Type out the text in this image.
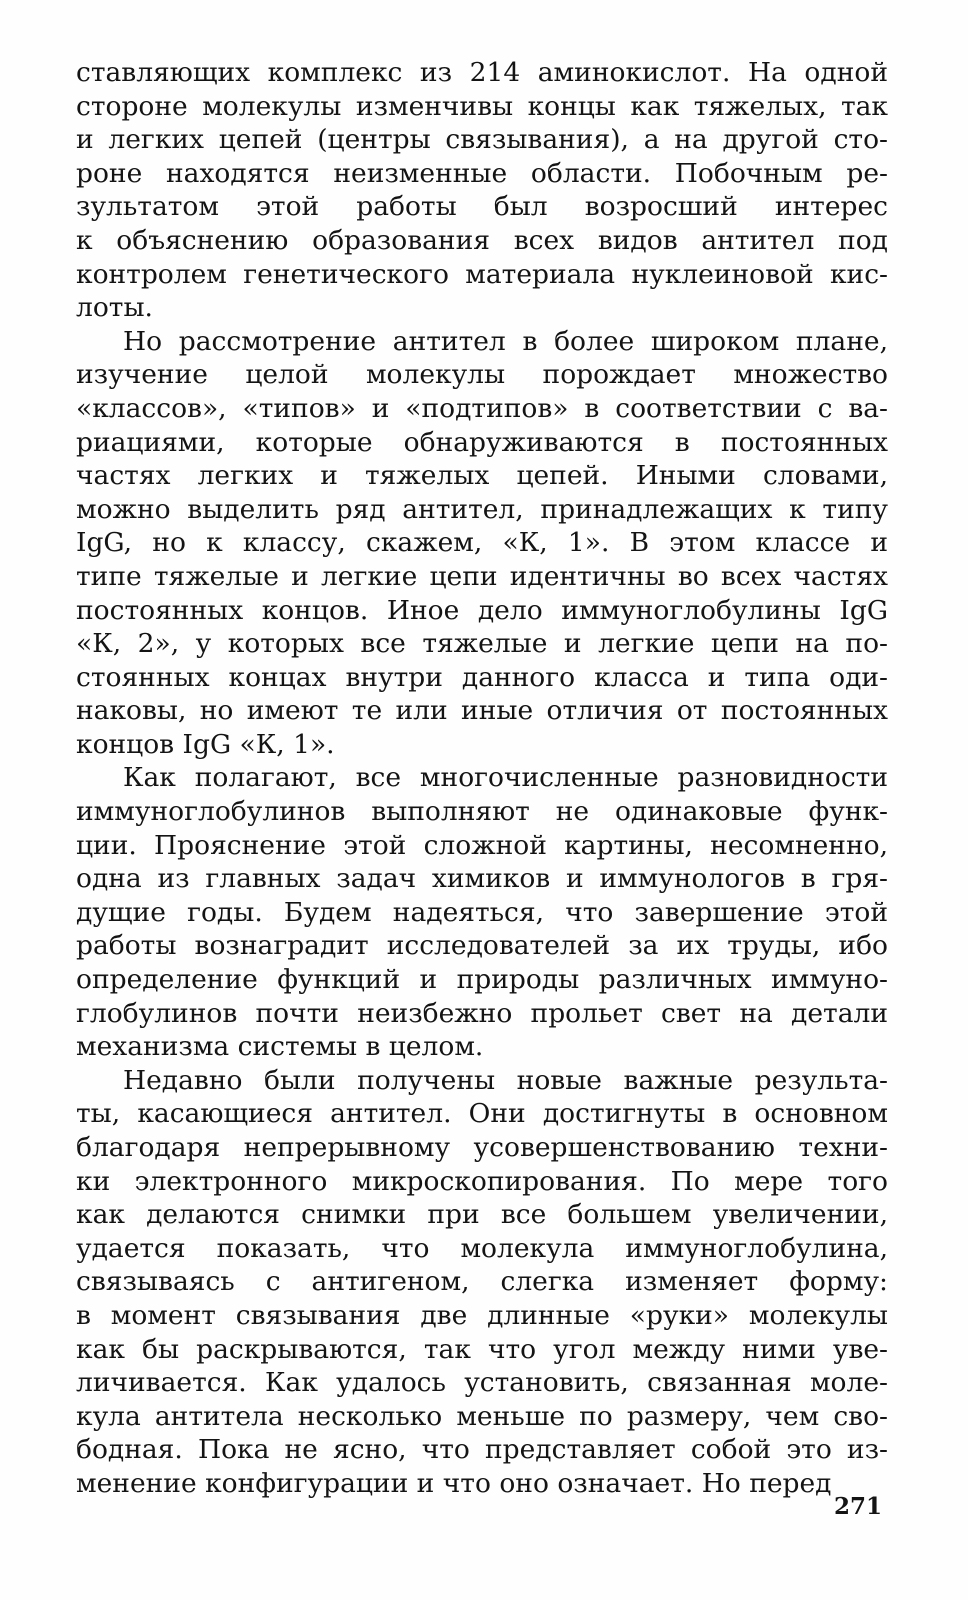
ставляющих комплекс из 214 аминокислот. На одной
стороне молекулы изменчивы концы как тяжелых, так
и легких цепей (центры связывания), а на другой сто-
роне находятся неизменные области. Побочным ре-
зультатом этой работы был возросший интерес
к объяснению образования всех видов антител под
контролем генетического материала нуклеиновой кис-
лоты.
Но рассмотрение антител в более широком плане,
изучение целой молекулы порождает множество
«классов», «типов» и «подтипов» в соответствии с ва-
риациями, которые обнаруживаются в постоянных
частях легких и тяжелых цепей. Иными словами,
можно выделить ряд антител, принадлежащих к типу
IgG, но к классу, скажем, «К, 1». В этом классе и
типе тяжелые и легкие цепи идентичны во всех частях
постоянных концов. Иное дело иммуноглобулины IgG
«К, 2», у которых все тяжелые и легкие цепи на по-
стоянных концах внутри данного класса и типа оди-
наковы, но имеют те или иные отличия от постоянных
концов IgG «К, 1».
Как полагают, все многочисленные разновидности
иммуноглобулинов выполняют не одинаковые функ-
ции. Прояснение этой сложной картины, несомненно,
одна из главных задач химиков и иммунологов в гря-
дущие годы. Будем надеяться, что завершение этой
работы вознаградит исследователей за их труды, ибо
определение функций и природы различных иммуно-
глобулинов почти неизбежно прольет свет на детали
механизма системы в целом.
Недавно были получены новые важные результа-
ты, касающиеся антител. Они достигнуты в основном
благодаря непрерывному усовершенствованию техни-
ки электронного микроскопирования. По мере того
как делаются снимки при все большем увеличении,
удается показать, что молекула иммуноглобулина,
связываясь с антигеном, слегка изменяет форму:
в момент связывания две длинные «руки» молекулы
как бы раскрываются, так что угол между ними уве-
личивается. Как удалось установить, связанная моле-
кула антитела несколько меньше по размеру, чем сво-
бодная. Пока не ясно, что представляет собой это из-
менение конфигурации и что оно означает. Но перед
271
